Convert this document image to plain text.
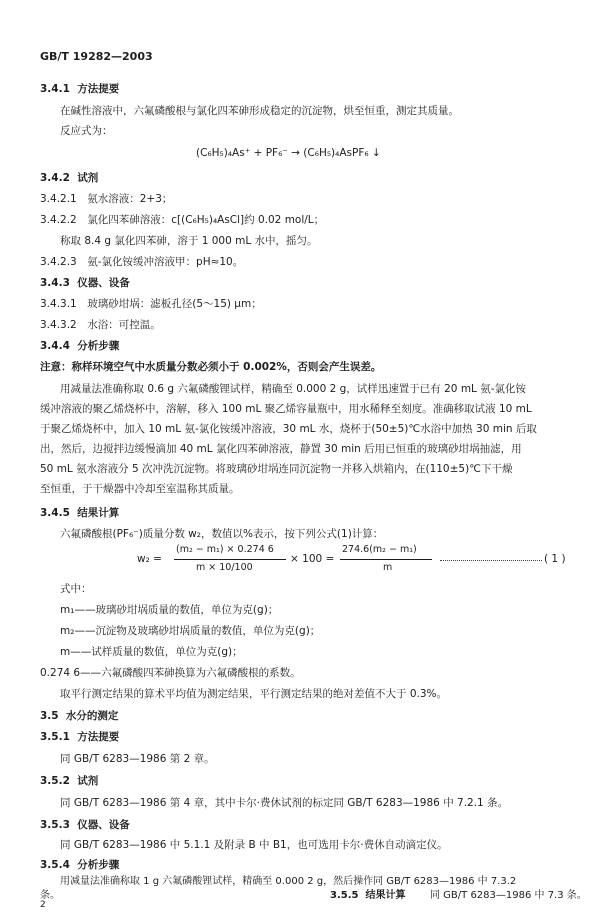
GB/T 19282—2003
3.4.1 方法提要
在碱性溶液中，六氟磷酸根与氯化四苯砷形成稳定的沉淀物，烘至恒重，测定其质量。
反应式为：
(C₆H₅)₄As⁺ + PF₆⁻ → (C₆H₅)₄AsPF₆ ↓
3.4.2 试剂
3.4.2.1　氨水溶液：2+3；
3.4.2.2　氯化四苯砷溶液：c[(C₆H₅)₄AsCl]约 0.02 mol/L；
称取 8.4 g 氯化四苯砷，溶于 1 000 mL 水中，摇匀。
3.4.2.3　氨-氯化铵缓冲溶液甲：pH≈10。
3.4.3 仪器、设备
3.4.3.1　玻璃砂坩埚：滤板孔径(5～15) μm；
3.4.3.2　水浴：可控温。
3.4.4 分析步骤
注意：称样环境空气中水质量分数必须小于 0.002%，否则会产生误差。
用减量法准确称取 0.6 g 六氟磷酸锂试样，精确至 0.000 2 g，试样迅速置于已有 20 mL 氨-氯化铵
缓冲溶液的聚乙烯烧杯中，溶解，移入 100 mL 聚乙烯容量瓶中，用水稀释至刻度。准确移取试液 10 mL
于聚乙烯烧杯中，加入 10 mL 氨-氯化铵缓冲溶液，30 mL 水，烧杯于(50±5)℃水浴中加热 30 min 后取
出，然后，边搅拌边缓慢滴加 40 mL 氯化四苯砷溶液，静置 30 min 后用已恒重的玻璃砂坩埚抽滤，用
50 mL 氨水溶液分 5 次冲洗沉淀物。将玻璃砂坩埚连同沉淀物一并移入烘箱内，在(110±5)℃下干燥
至恒重，于干燥器中冷却至室温称其质量。
3.4.5 结果计算
六氟磷酸根(PF₆⁻)质量分数 w₂，数值以%表示，按下列公式(1)计算：
w₂ =
(m₂ − m₁) × 0.274 6
m × 10/100
× 100 =
274.6(m₂ − m₁)
m
( 1 )
式中：
m₁——玻璃砂坩埚质量的数值，单位为克(g)；
m₂——沉淀物及玻璃砂坩埚质量的数值，单位为克(g)；
m——试样质量的数值，单位为克(g)；
0.274 6——六氟磷酸四苯砷换算为六氟磷酸根的系数。
取平行测定结果的算术平均值为测定结果，平行测定结果的绝对差值不大于 0.3%。
3.5 水分的测定
3.5.1 方法提要
同 GB/T 6283—1986 第 2 章。
3.5.2 试剂
同 GB/T 6283—1986 第 4 章，其中卡尔·费休试剂的标定同 GB/T 6283—1986 中 7.2.1 条。
3.5.3 仪器、设备
同 GB/T 6283—1986 中 5.1.1 及附录 B 中 B1，也可选用卡尔·费休自动滴定仪。
3.5.4 分析步骤
用减量法准确称取 1 g 六氟磷酸锂试样，精确至 0.000 2 g，然后操作同 GB/T 6283—1986 中 7.3.2
条。	3.5.5 结果计算 同 GB/T 6283—1986 中 7.3 条。
2
